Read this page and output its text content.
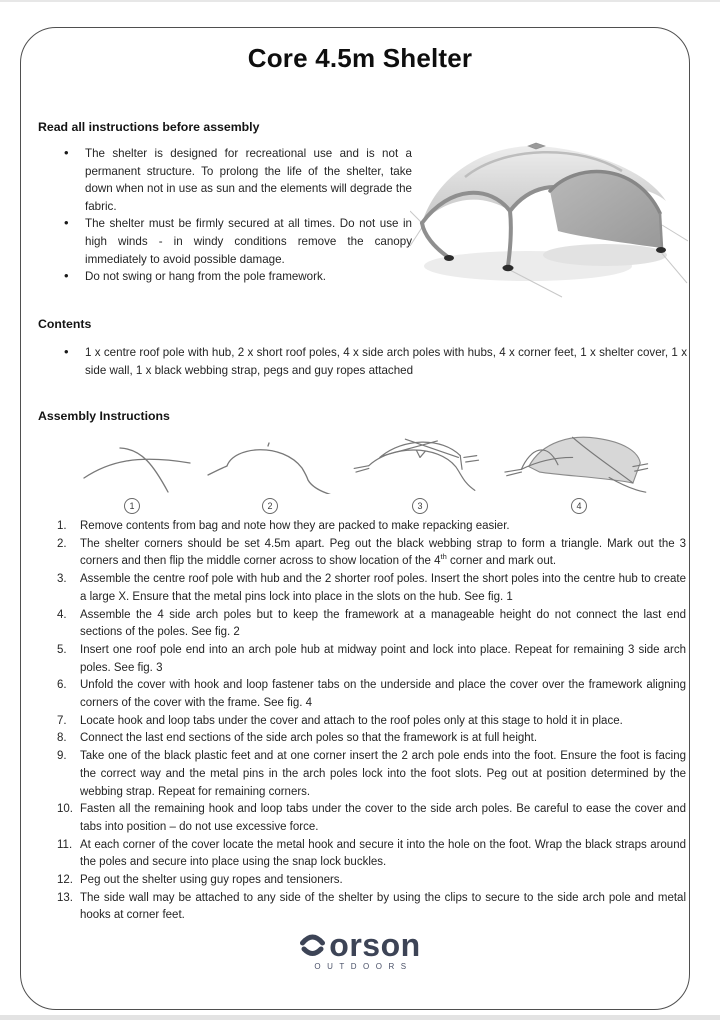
Core 4.5m Shelter
Read all instructions before assembly
• The shelter is designed for recreational use and is not a permanent structure. To prolong the life of the shelter, take down when not in use as sun and the elements will degrade the fabric.
• The shelter must be firmly secured at all times. Do not use in high winds - in windy conditions remove the canopy immediately to avoid possible damage.
• Do not swing or hang from the pole framework.
Contents
• 1 x centre roof pole with hub, 2 x short roof poles, 4 x side arch poles with hubs, 4 x corner feet, 1 x shelter cover, 1 x side wall, 1 x black webbing strap, pegs and guy ropes attached
Assembly Instructions
1	2	3	4
1.	Remove contents from bag and note how they are packed to make repacking easier.
2.	The shelter corners should be set 4.5m apart. Peg out the black webbing strap to form a triangle. Mark out the 3 corners and then flip the middle corner across to show location of the 4th corner and mark out.
3.	Assemble the centre roof pole with hub and the 2 shorter roof poles. Insert the short poles into the centre hub to create a large X. Ensure that the metal pins lock into place in the slots on the hub. See fig. 1
4.	Assemble the 4 side arch poles but to keep the framework at a manageable height do not connect the last end sections of the poles. See fig. 2
5.	Insert one roof pole end into an arch pole hub at midway point and lock into place. Repeat for remaining 3 side arch poles. See fig. 3
6.	Unfold the cover with hook and loop fastener tabs on the underside and place the cover over the framework aligning corners of the cover with the frame. See fig. 4
7.	Locate hook and loop tabs under the cover and attach to the roof poles only at this stage to hold it in place.
8.	Connect the last end sections of the side arch poles so that the framework is at full height.
9.	Take one of the black plastic feet and at one corner insert the 2 arch pole ends into the foot. Ensure the foot is facing the correct way and the metal pins in the arch poles lock into the foot slots. Peg out at position determined by the webbing strap. Repeat for remaining corners.
10. Fasten all the remaining hook and loop tabs under the cover to the side arch poles. Be careful to ease the cover and tabs into position – do not use excessive force.
11. At each corner of the cover locate the metal hook and secure it into the hole on the foot. Wrap the black straps around the poles and secure into place using the snap lock buckles.
12. Peg out the shelter using guy ropes and tensioners.
13. The side wall may be attached to any side of the shelter by using the clips to secure to the side arch pole and metal hooks at corner feet.
orson
OUTDOORS
